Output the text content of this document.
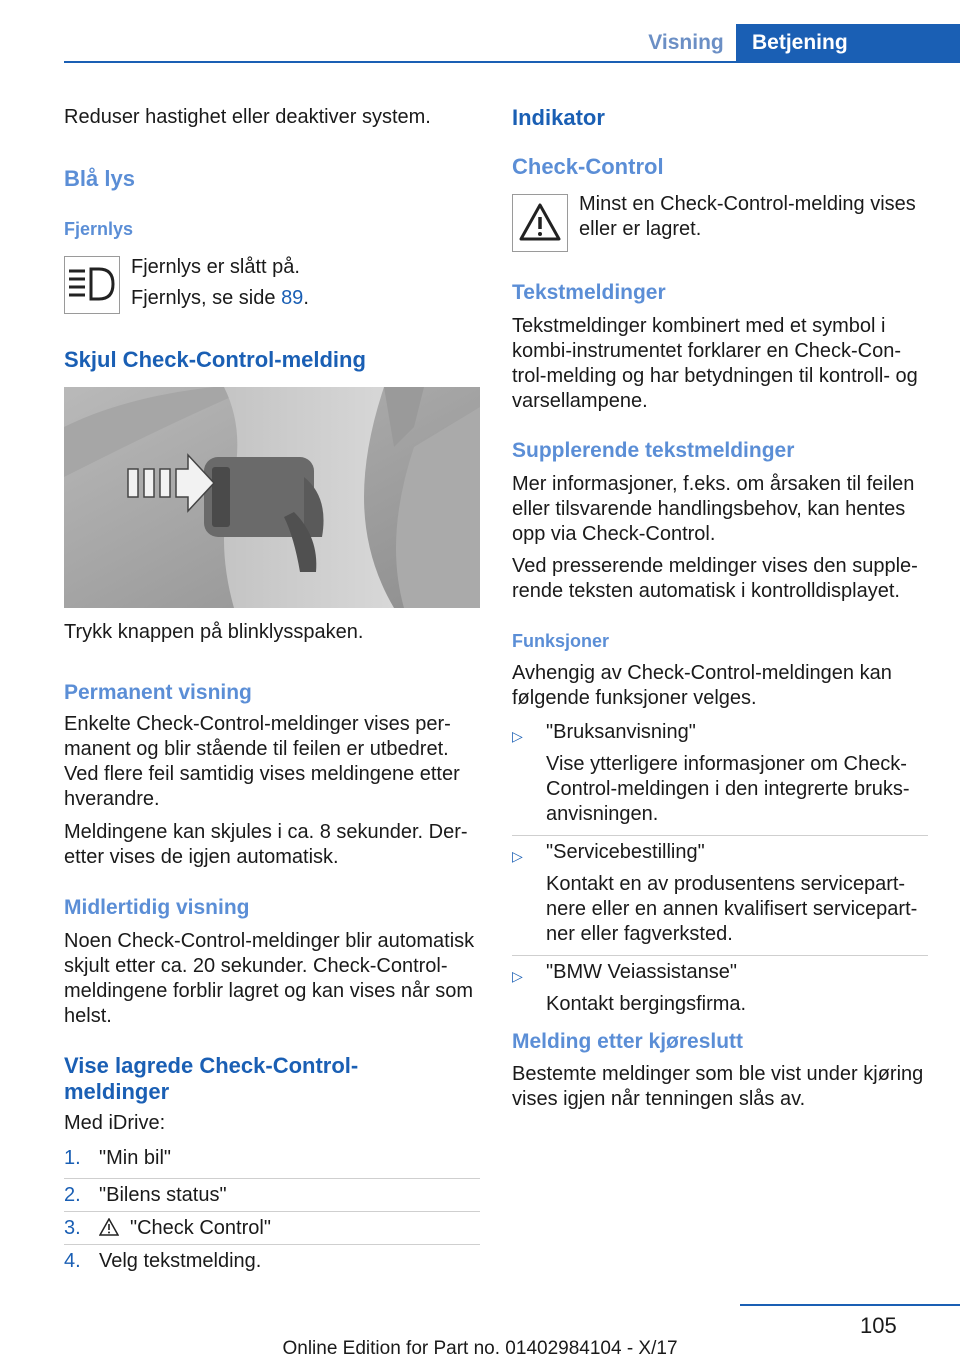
Visning	Betjening
Reduser hastighet eller deaktiver system.
Blå lys
Fjernlys
Fjernlys er slått på.
Fjernlys, se side 89.
Skjul Check-Control-melding
Trykk knappen på blinklysspaken.
Permanent visning
Enkelte Check-Control-meldinger vises per-
manent og blir stående til feilen er utbedret.
Ved flere feil samtidig vises meldingene etter
hverandre.
Meldingene kan skjules i ca. 8 sekunder. Der-
etter vises de igjen automatisk.
Midlertidig visning
Noen Check-Control-meldinger blir automatisk
skjult etter ca. 20 sekunder. Check-Control-
meldingene forblir lagret og kan vises når som
helst.
Vise lagrede Check-Control-
meldinger
Med iDrive:
1. "Min bil"
2. "Bilens status"
3. "Check Control"
4. Velg tekstmelding.
Indikator
Check-Control
Minst en Check-Control-melding vises
eller er lagret.
Tekstmeldinger
Tekstmeldinger kombinert med et symbol i
kombi-instrumentet forklarer en Check-Con-
trol-melding og har betydningen til kontroll- og
varsellampene.
Supplerende tekstmeldinger
Mer informasjoner, f.eks. om årsaken til feilen
eller tilsvarende handlingsbehov, kan hentes
opp via Check-Control.
Ved presserende meldinger vises den supple-
rende teksten automatisk i kontrolldisplayet.
Funksjoner
Avhengig av Check-Control-meldingen kan
følgende funksjoner velges.
▷ "Bruksanvisning"
Vise ytterligere informasjoner om Check-
Control-meldingen i den integrerte bruks-
anvisningen.
▷ "Servicebestilling"
Kontakt en av produsentens servicepart-
nere eller en annen kvalifisert servicepart-
ner eller fagverksted.
▷ "BMW Veiassistanse"
Kontakt bergingsfirma.
Melding etter kjøreslutt
Bestemte meldinger som ble vist under kjøring
vises igjen når tenningen slås av.
105
Online Edition for Part no. 01402984104 - X/17
